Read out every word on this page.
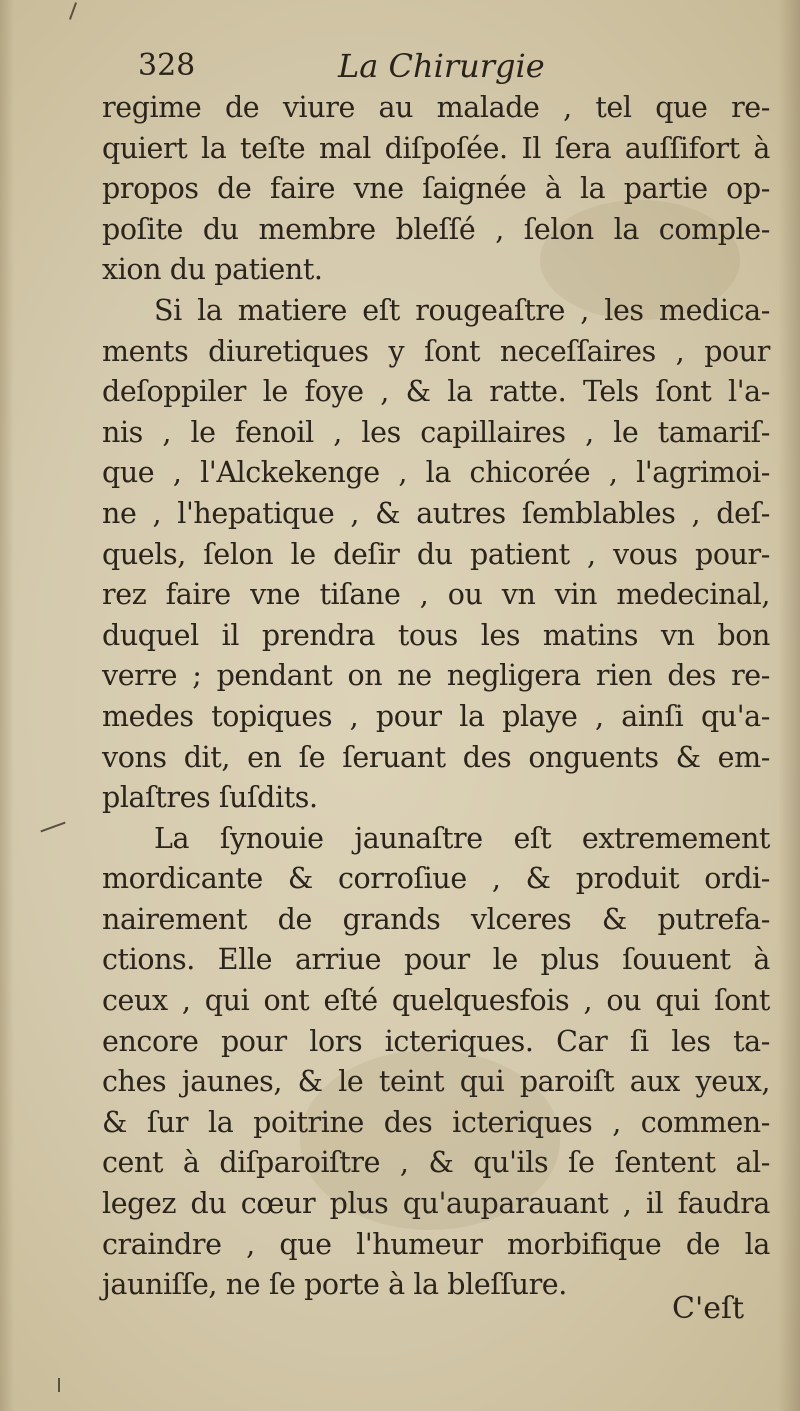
328	La Chirurgie
regime de viure au malade , tel que re-
quiert la teſte mal diſpoſée. Il ſera auſſifort à
propos de faire vne ſaignée à la partie op-
poſite du membre bleſſé , ſelon la comple-
xion du patient.
Si la matiere eſt rougeaſtre , les medica-
ments diuretiques y ſont neceſſaires , pour
deſoppiler le foye , & la ratte. Tels ſont l'a-
nis , le fenoil , les capillaires , le tamariſ-
que , l'Alckekenge , la chicorée , l'agrimoi-
ne , l'hepatique , & autres ſemblables , deſ-
quels, ſelon le deſir du patient , vous pour-
rez faire vne tiſane , ou vn vin medecinal,
duquel il prendra tous les matins vn bon
verre ; pendant on ne negligera rien des re-
medes topiques , pour la playe , ainſi qu'a-
vons dit, en ſe ſeruant des onguents & em-
plaſtres ſuſdits.
La ſynouie jaunaſtre eſt extremement
mordicante & corroſiue , & produit ordi-
nairement de grands vlceres & putrefa-
ctions. Elle arriue pour le plus ſouuent à
ceux , qui ont eſté quelquesfois , ou qui ſont
encore pour lors icteriques. Car ſi les ta-
ches jaunes, & le teint qui paroiſt aux yeux,
& ſur la poitrine des icteriques , commen-
cent à diſparoiſtre , & qu'ils ſe ſentent al-
legez du cœur plus qu'auparauant , il faudra
craindre , que l'humeur morbifique de la
jauniſſe, ne ſe porte à la bleſſure.
C'eſt
